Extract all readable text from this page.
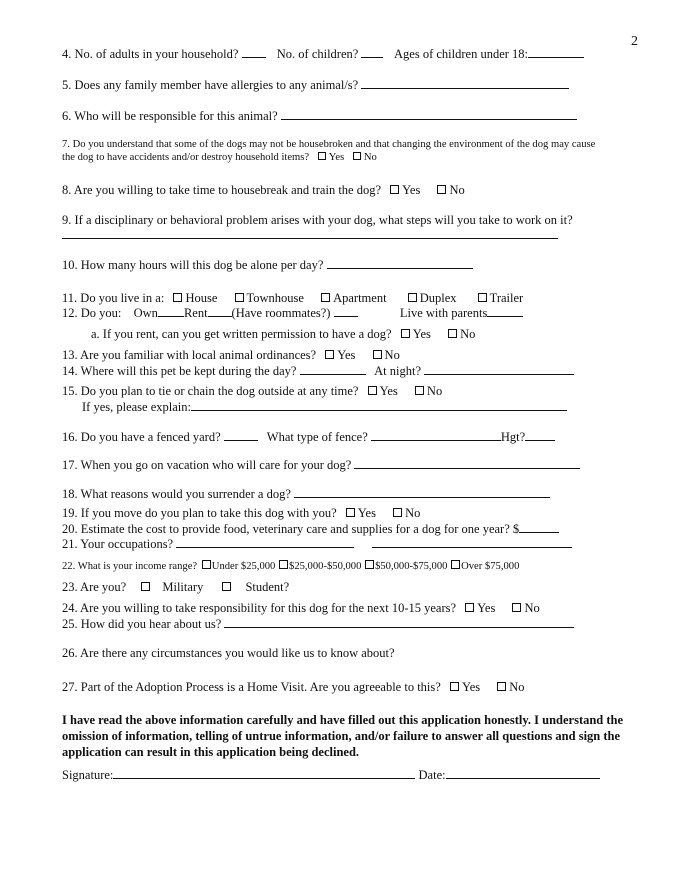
2
4. No. of adults in your household?	No. of children?	Ages of children under 18:
5. Does any family member have allergies to any animal/s?
6. Who will be responsible for this animal?
7. Do you understand that some of the dogs may not be housebroken and that changing the environment of the dog may cause
the dog to have accidents and/or destroy household items? Yes No
8. Are you willing to take time to housebreak and train the dog? Yes No
9. If a disciplinary or behavioral problem arises with your dog, what steps will you take to work on it?
10. How many hours will this dog be alone per day?
11. Do you live in a: House Townhouse Apartment	Duplex	Trailer
12. Do you: Own Rent (Have roommates?)	Live with parents
a. If you rent, can you get written permission to have a dog? Yes No
13. Are you familiar with local animal ordinances? Yes No
14. Where will this pet be kept during the day?	At night?
15. Do you plan to tie or chain the dog outside at any time? Yes No
If yes, please explain:
16. Do you have a fenced yard?	What type of fence?	Hgt?
17. When you go on vacation who will care for your dog?
18. What reasons would you surrender a dog?
19. If you move do you plan to take this dog with you? Yes No
20. Estimate the cost to provide food, veterinary care and supplies for a dog for one year? $
21. Your occupations?
22. What is your income range? Under $25,000 $25,000-$50,000 $50,000-$75,000 Over $75,000
23. Are you?	Military	Student?
24. Are you willing to take responsibility for this dog for the next 10-15 years? Yes No
25. How did you hear about us?
26. Are there any circumstances you would like us to know about?
27. Part of the Adoption Process is a Home Visit. Are you agreeable to this? Yes No
I have read the above information carefully and have filled out this application honestly. I understand the omission of information, telling of untrue information, and/or failure to answer all questions and sign the application can result in this application being declined.
Signature:	Date:
